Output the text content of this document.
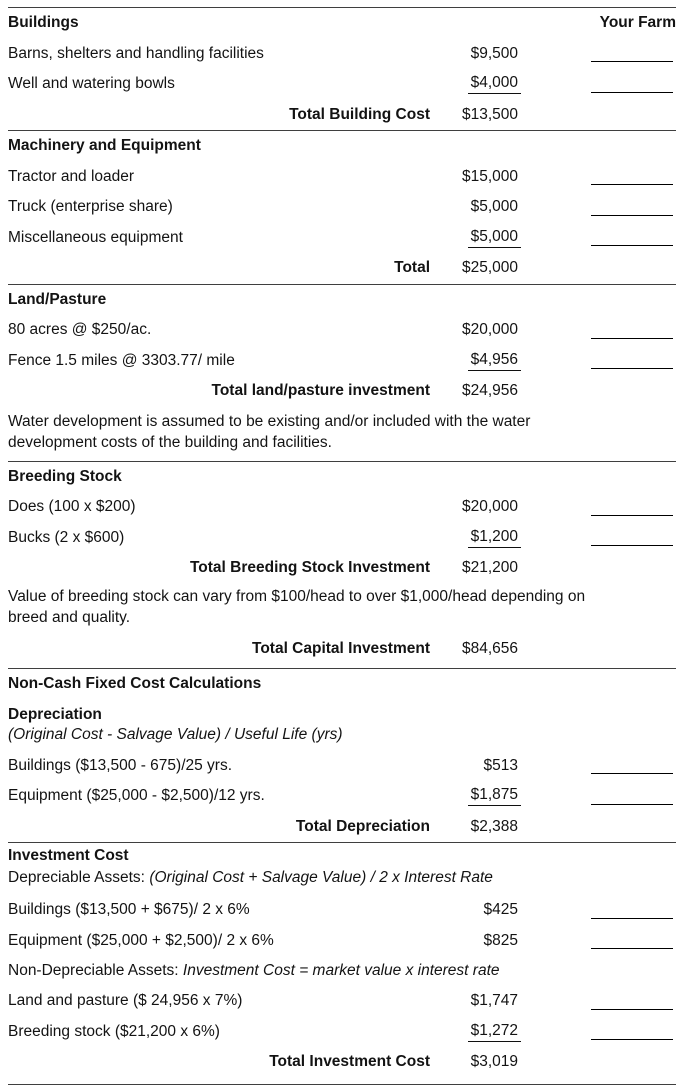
Buildings	Your Farm
Barns, shelters and handling facilities	$9,500
Well and watering bowls	$4,000
Total Building Cost	$13,500
Machinery and Equipment
Tractor and loader	$15,000
Truck (enterprise share)	$5,000
Miscellaneous equipment	$5,000
Total	$25,000
Land/Pasture
80 acres @ $250/ac.	$20,000
Fence 1.5 miles @ 3303.77/ mile	$4,956
Total land/pasture investment	$24,956
Water development is assumed to be existing and/or included with the water development costs of the building and facilities.
Breeding Stock
Does (100 x $200)	$20,000
Bucks (2 x $600)	$1,200
Total Breeding Stock Investment	$21,200
Value of breeding stock can vary from $100/head to over $1,000/head depending on breed and quality.
Total Capital Investment	$84,656
Non-Cash Fixed Cost Calculations
Depreciation
(Original Cost - Salvage Value) / Useful Life (yrs)
Buildings ($13,500 - 675)/25 yrs.	$513
Equipment ($25,000 - $2,500)/12 yrs.	$1,875
Total Depreciation	$2,388
Investment Cost
Depreciable Assets: (Original Cost + Salvage Value) / 2 x Interest Rate
Buildings ($13,500 + $675)/ 2 x 6%	$425
Equipment ($25,000 + $2,500)/ 2 x 6%	$825
Non-Depreciable Assets:
Investment Cost = market value x interest rate
Land and pasture ($ 24,956 x 7%)	$1,747
Breeding stock ($21,200 x 6%)	$1,272
Total Investment Cost	$3,019
